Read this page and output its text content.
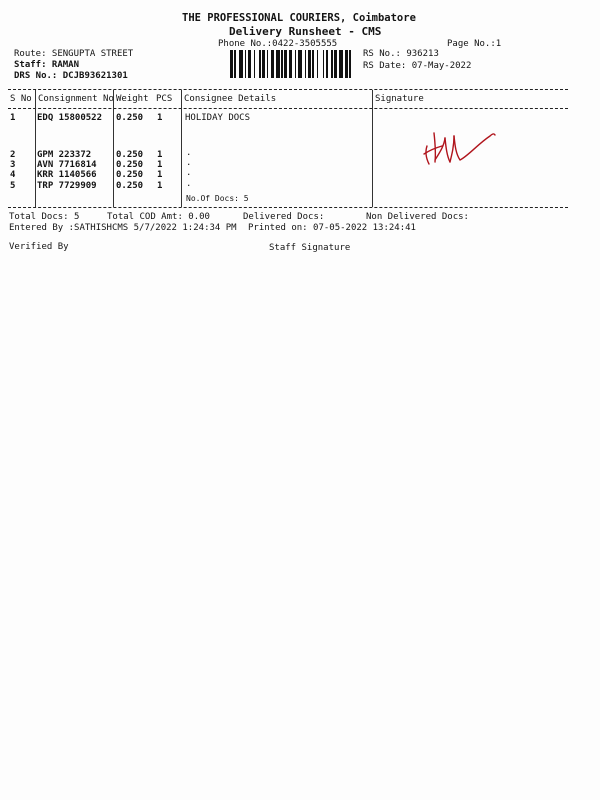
THE PROFESSIONAL COURIERS, Coimbatore
Delivery Runsheet - CMS
Phone No.:0422-3505555	Page No.:1
Route: SENGUPTA STREET
Staff: RAMAN
DRS No.: DCJB93621301
RS No.: 936213
RS Date: 07-May-2022
S No Consignment No Weight PCS Consignee Details	Signature
1 EDQ 15800522 0.250 1	HOLIDAY DOCS
2 GPM 223372	0.250 1	.
3 AVN 7716814 0.250 1	.
4 KRR 1140566 0.250 1	.
5 TRP 7729909 0.250 1	.
No.Of Docs: 5
Total Docs: 5	Total COD Amt: 0.00	Delivered Docs:	Non Delivered Docs:
Entered By :SATHISHCMS 5/7/2022 1:24:34 PM Printed on: 07-05-2022 13:24:41
Verified By	Staff Signature
